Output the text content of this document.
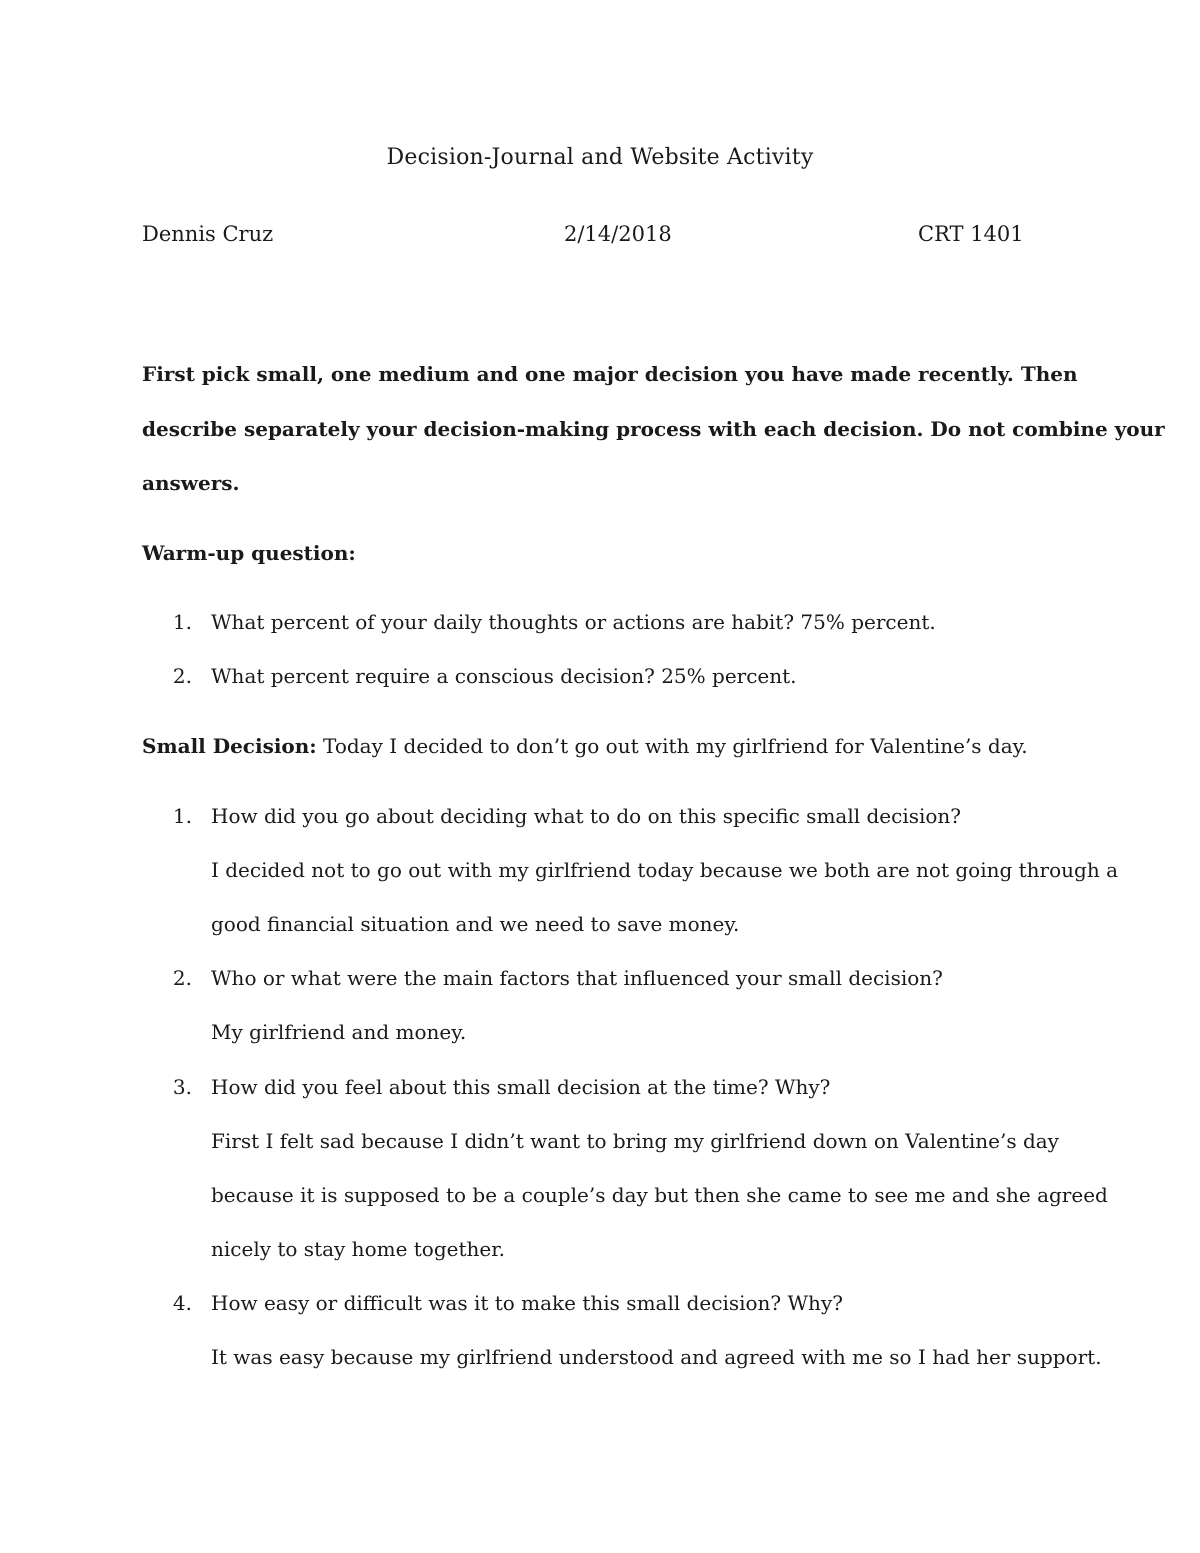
Decision-Journal and Website Activity
Dennis Cruz	2/14/2018	CRT 1401
First pick small, one medium and one major decision you have made recently. Then
describe separately your decision-making process with each decision. Do not combine your
answers.
Warm-up question:
1. What percent of your daily thoughts or actions are habit? 75% percent.
2. What percent require a conscious decision? 25% percent.
Small Decision: Today I decided to don’t go out with my girlfriend for Valentine’s day.
1. How did you go about deciding what to do on this specific small decision?
I decided not to go out with my girlfriend today because we both are not going through a
good financial situation and we need to save money.
2. Who or what were the main factors that influenced your small decision?
My girlfriend and money.
3. How did you feel about this small decision at the time? Why?
First I felt sad because I didn’t want to bring my girlfriend down on Valentine’s day
because it is supposed to be a couple’s day but then she came to see me and she agreed
nicely to stay home together.
4. How easy or difficult was it to make this small decision? Why?
It was easy because my girlfriend understood and agreed with me so I had her support.
